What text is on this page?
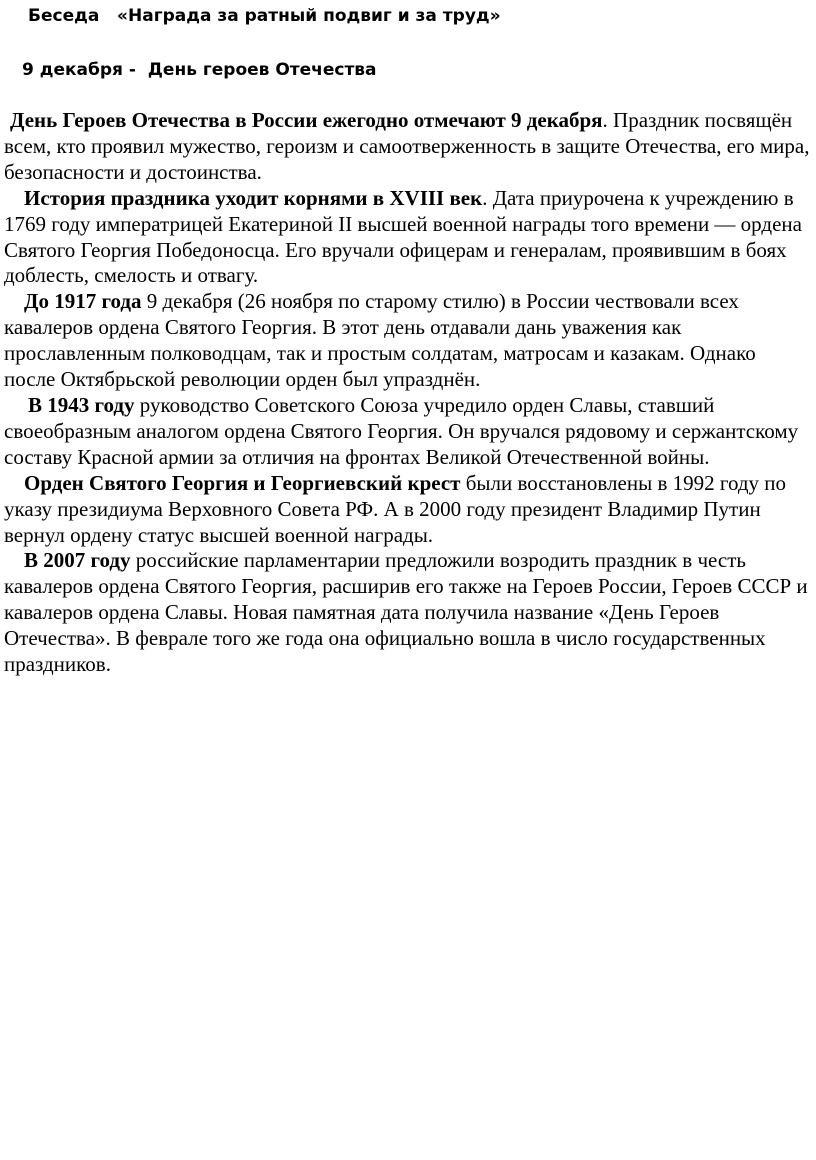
Беседа   «Награда за ратный подвиг и за труд»
9 декабря -  День героев Отечества

День Героев Отечества в России ежегодно отмечают 9 декабря. Праздник посвящён всем, кто проявил мужество, героизм и самоотверженность в защите Отечества, его мира, безопасности и достоинства.

История праздника уходит корнями в XVIII век. Дата приурочена к учреждению в 1769 году императрицей Екатериной II высшей военной награды того времени — ордена Святого Георгия Победоносца. Его вручали офицерам и генералам, проявившим в боях доблесть, смелость и отвагу.

До 1917 года 9 декабря (26 ноября по старому стилю) в России чествовали всех кавалеров ордена Святого Георгия. В этот день отдавали дань уважения как прославленным полководцам, так и простым солдатам, матросам и казакам. Однако после Октябрьской революции орден был упразднён.

В 1943 году руководство Советского Союза учредило орден Славы, ставший своеобразным аналогом ордена Святого Георгия. Он вручался рядовому и сержантскому составу Красной армии за отличия на фронтах Великой Отечественной войны.

Орден Святого Георгия и Георгиевский крест были восстановлены в 1992 году по указу президиума Верховного Совета РФ. А в 2000 году президент Владимир Путин вернул ордену статус высшей военной награды.

В 2007 году российские парламентарии предложили возродить праздник в честь кавалеров ордена Святого Георгия, расширив его также на Героев России, Героев СССР и кавалеров ордена Славы. Новая памятная дата получила название «День Героев Отечества». В феврале того же года она официально вошла в число государственных праздников.
